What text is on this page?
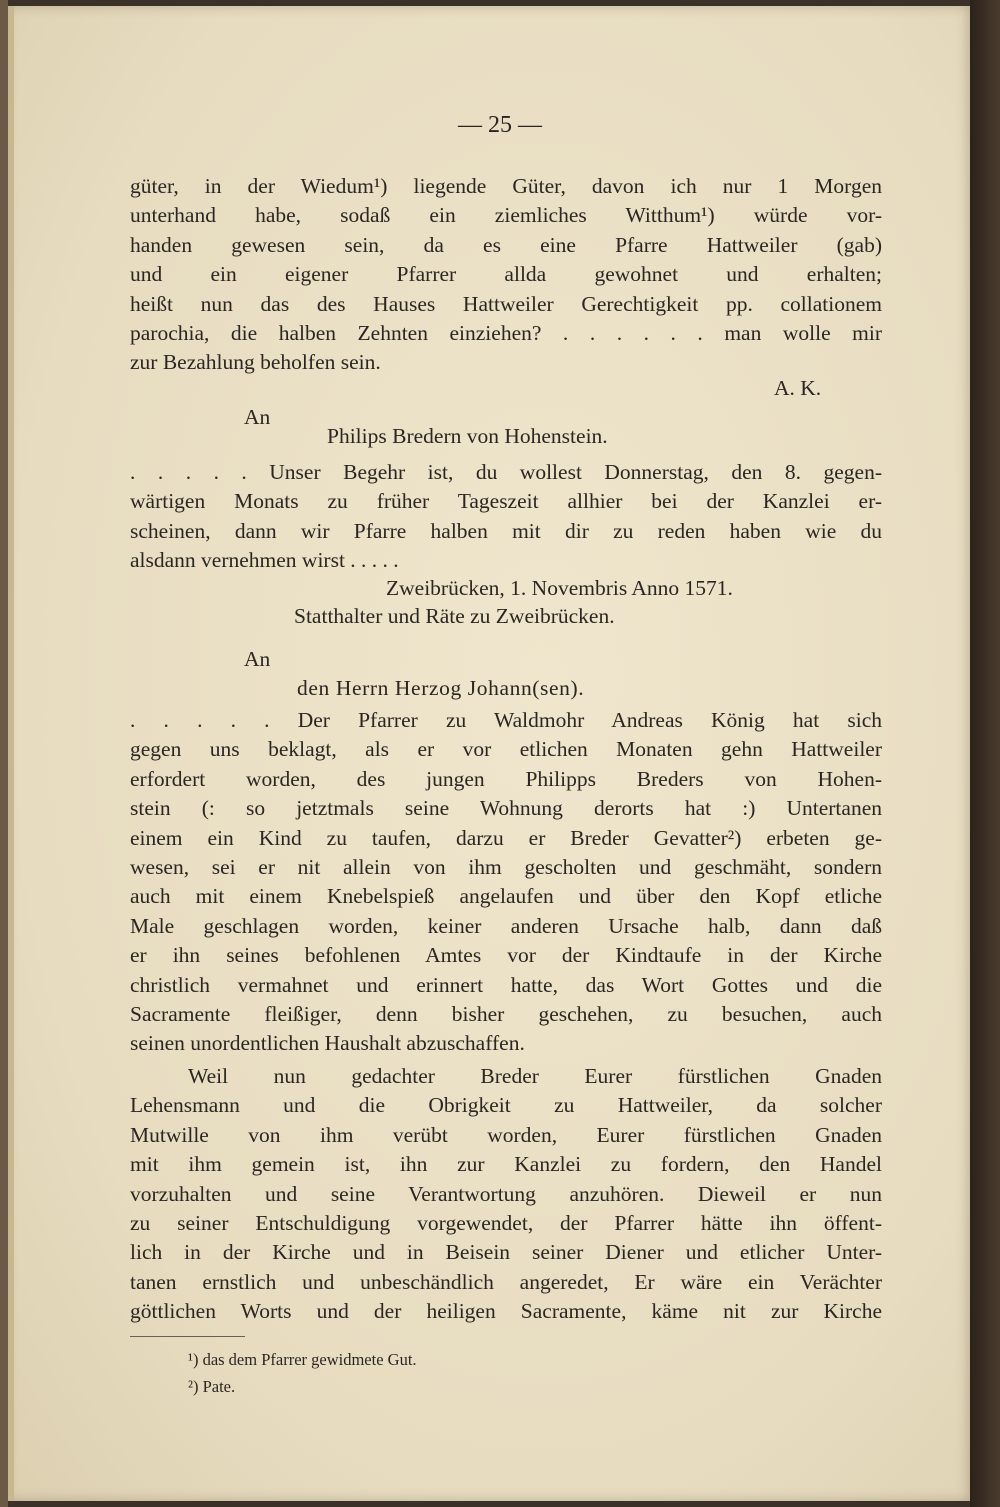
— 25 —
güter, in der Wiedum¹) liegende Güter, davon ich nur 1 Morgen
unterhand habe, sodaß ein ziemliches Witthum¹) würde vor-
handen gewesen sein, da es eine Pfarre Hattweiler (gab)
und ein eigener Pfarrer allda gewohnet und erhalten;
heißt nun das des Hauses Hattweiler Gerechtigkeit pp. collationem
parochia, die halben Zehnten einziehen? . . . . . . man wolle mir
zur Bezahlung beholfen sein.
A. K.
An
Philips Bredern von Hohenstein.
. . . . . Unser Begehr ist, du wollest Donnerstag, den 8. gegen-
wärtigen Monats zu früher Tageszeit allhier bei der Kanzlei er-
scheinen, dann wir Pfarre halben mit dir zu reden haben wie du
alsdann vernehmen wirst . . . . .
Zweibrücken, 1. Novembris Anno 1571.
Statthalter und Räte zu Zweibrücken.
An
den Herrn Herzog Johann(sen).
. . . . . Der Pfarrer zu Waldmohr Andreas König hat sich
gegen uns beklagt, als er vor etlichen Monaten gehn Hattweiler
erfordert worden, des jungen Philipps Breders von Hohen-
stein (: so jetztmals seine Wohnung derorts hat :) Untertanen
einem ein Kind zu taufen, darzu er Breder Gevatter²) erbeten ge-
wesen, sei er nit allein von ihm gescholten und geschmäht, sondern
auch mit einem Knebelspieß angelaufen und über den Kopf etliche
Male geschlagen worden, keiner anderen Ursache halb, dann daß
er ihn seines befohlenen Amtes vor der Kindtaufe in der Kirche
christlich vermahnet und erinnert hatte, das Wort Gottes und die
Sacramente fleißiger, denn bisher geschehen, zu besuchen, auch
seinen unordentlichen Haushalt abzuschaffen.
Weil nun gedachter Breder Eurer fürstlichen Gnaden
Lehensmann und die Obrigkeit zu Hattweiler, da solcher
Mutwille von ihm verübt worden, Eurer fürstlichen Gnaden
mit ihm gemein ist, ihn zur Kanzlei zu fordern, den Handel
vorzuhalten und seine Verantwortung anzuhören. Dieweil er nun
zu seiner Entschuldigung vorgewendet, der Pfarrer hätte ihn öffent-
lich in der Kirche und in Beisein seiner Diener und etlicher Unter-
tanen ernstlich und unbeschändlich angeredet, Er wäre ein Verächter
göttlichen Worts und der heiligen Sacramente, käme nit zur Kirche
¹) das dem Pfarrer gewidmete Gut.
²) Pate.
